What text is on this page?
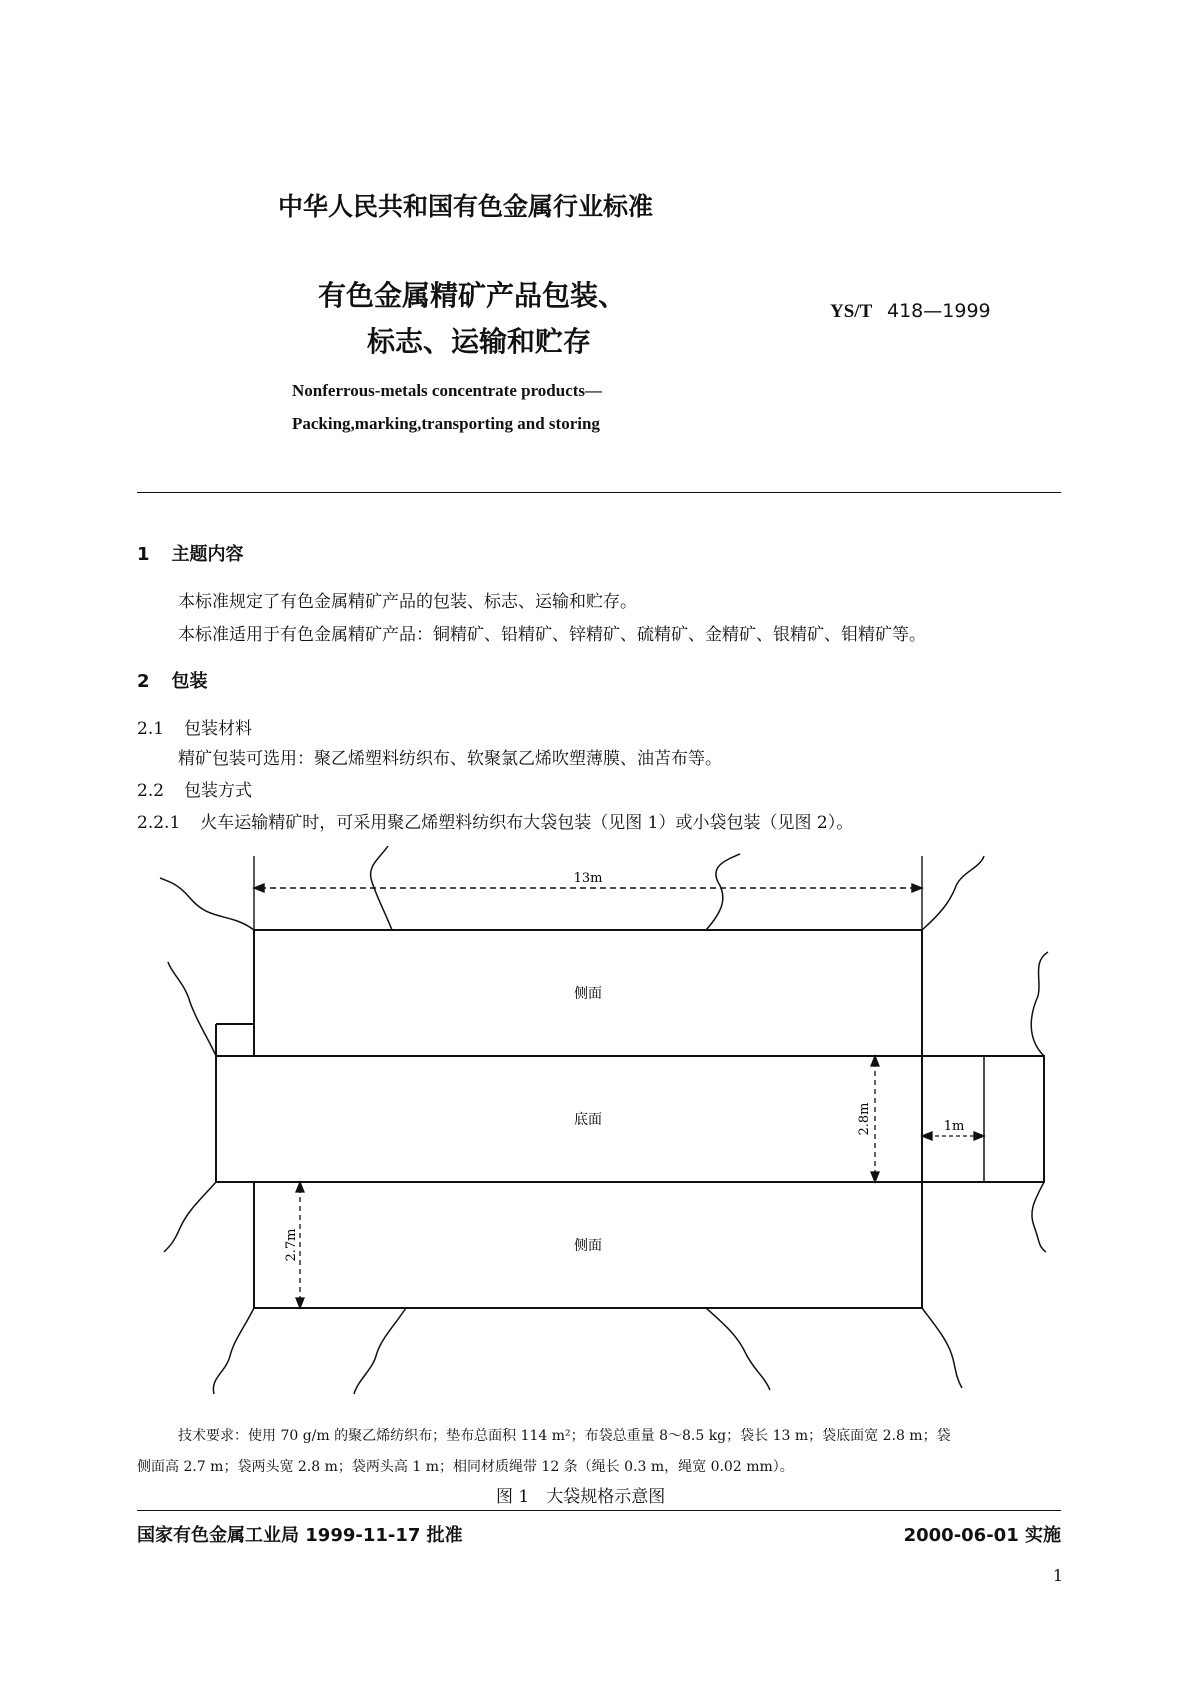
中华人民共和国有色金属行业标准
有色金属精矿产品包装、
标志、运输和贮存
YS/T 418—1999
Nonferrous-metals concentrate products—
Packing,marking,transporting and storing
1 主题内容
本标准规定了有色金属精矿产品的包装、标志、运输和贮存。
本标准适用于有色金属精矿产品：铜精矿、铅精矿、锌精矿、硫精矿、金精矿、银精矿、钼精矿等。
2 包装
2.1 包装材料
精矿包装可选用：聚乙烯塑料纺织布、软聚氯乙烯吹塑薄膜、油苫布等。
2.2 包装方式
2.2.1 火车运输精矿时，可采用聚乙烯塑料纺织布大袋包装（见图 1）或小袋包装（见图 2）。
13m
2.8m
2.7m
1m
侧面
底面
侧面
技术要求：使用 70 g/m 的聚乙烯纺织布；垫布总面积 114 m²；布袋总重量 8～8.5 kg；袋长 13 m；袋底面宽 2.8 m；袋
侧面高 2.7 m；袋两头宽 2.8 m；袋两头高 1 m；相同材质绳带 12 条（绳长 0.3 m，绳宽 0.02 mm）。
图 1　大袋规格示意图
国家有色金属工业局 1999-11-17 批准	2000-06-01 实施
1
